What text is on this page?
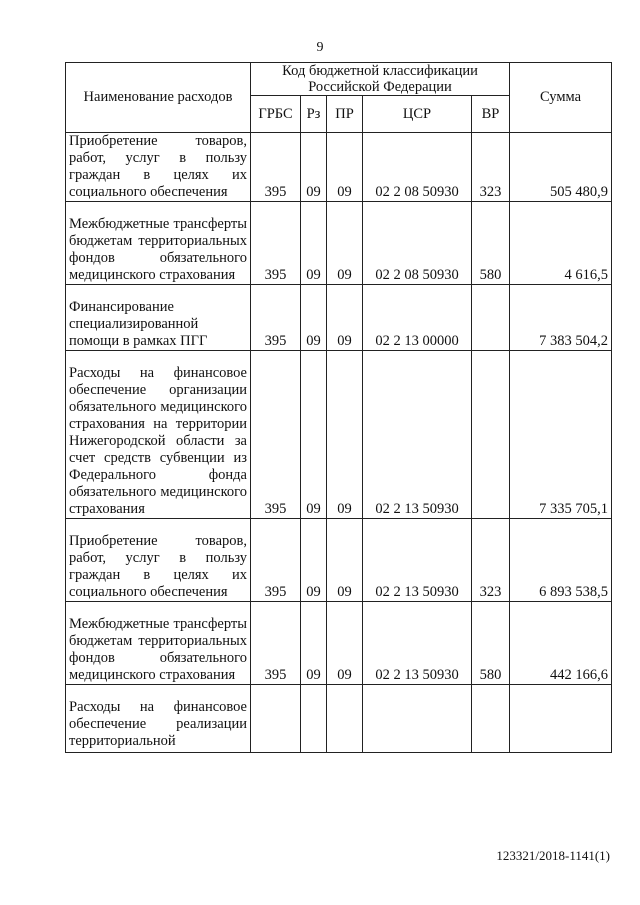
9
Наименование расходов	Код бюджетной классификации Российской Федерации					Сумма
	ГРБС	Рз	ПР	ЦСР	ВР	
Приобретение товаров, работ, услуг в пользу граждан в целях их социального обеспечения	395	09	09	02 2 08 50930	323	505 480,9
Межбюджетные трансферты бюджетам территориальных фондов обязательного медицинского страхования	395	09	09	02 2 08 50930	580	4 616,5
Финансирование специализированной помощи в рамках ПГГ	395	09	09	02 2 13 00000		7 383 504,2
Расходы на финансовое обеспечение организации обязательного медицинского страхования на территории Нижегородской области за счет средств субвенции из Федерального фонда обязательного медицинского страхования	395	09	09	02 2 13 50930		7 335 705,1
Приобретение товаров, работ, услуг в пользу граждан в целях их социального обеспечения	395	09	09	02 2 13 50930	323	6 893 538,5
Межбюджетные трансферты бюджетам территориальных фондов обязательного медицинского страхования	395	09	09	02 2 13 50930	580	442 166,6
Расходы на финансовое обеспечение реализации территориальной						
123321/2018-1141(1)
